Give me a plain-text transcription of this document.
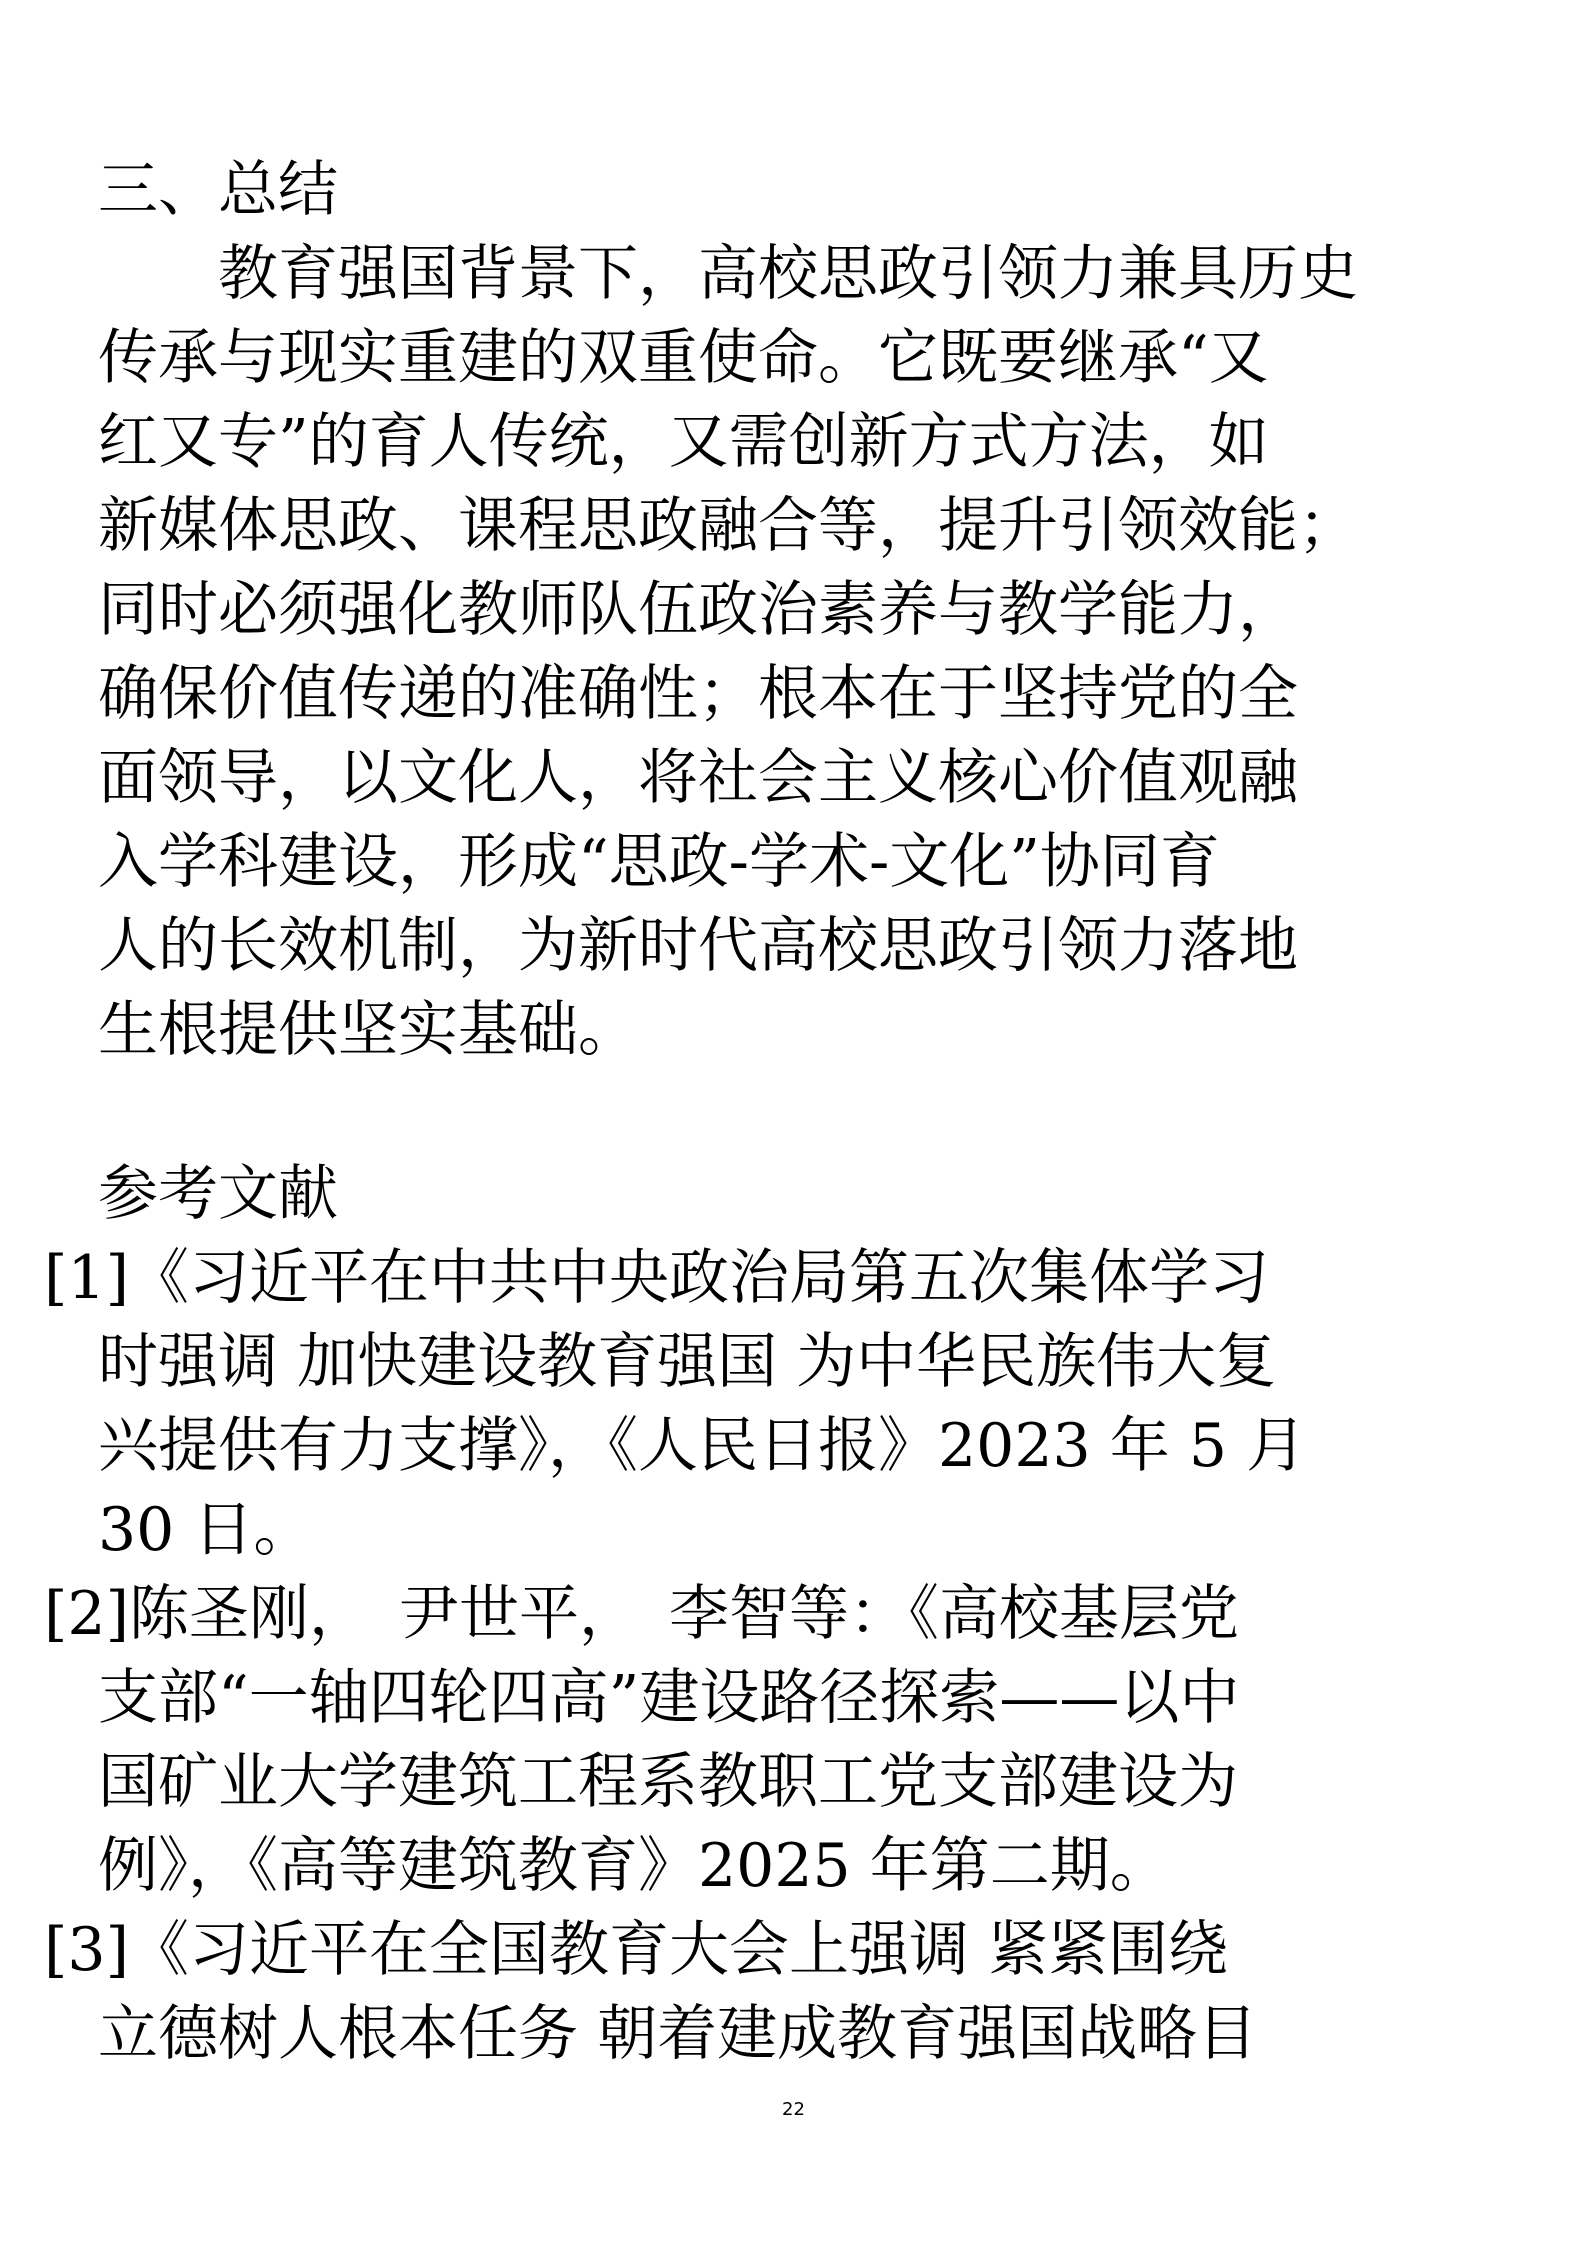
三、总结
　　教育强国背景下，高校思政引领力兼具历史
传承与现实重建的双重使命。它既要继承“又
红又专”的育人传统，又需创新方式方法，如
新媒体思政、课程思政融合等，提升引领效能；
同时必须强化教师队伍政治素养与教学能力，
确保价值传递的准确性；根本在于坚持党的全
面领导，以文化人，将社会主义核心价值观融
入学科建设，形成“思政-学术-文化”协同育
人的长效机制，为新时代高校思政引领力落地
生根提供坚实基础。
参考文献
[1]《习近平在中共中央政治局第五次集体学习
时强调 加快建设教育强国 为中华民族伟大复
兴提供有力支撑》，《人民日报》2023 年 5 月
30 日。
[2]陈圣刚，　尹世平，　李智等：《高校基层党
支部“一轴四轮四高”建设路径探索——以中
国矿业大学建筑工程系教职工党支部建设为
例》，《高等建筑教育》2025 年第二期。
[3]《习近平在全国教育大会上强调 紧紧围绕
立德树人根本任务 朝着建成教育强国战略目
22
